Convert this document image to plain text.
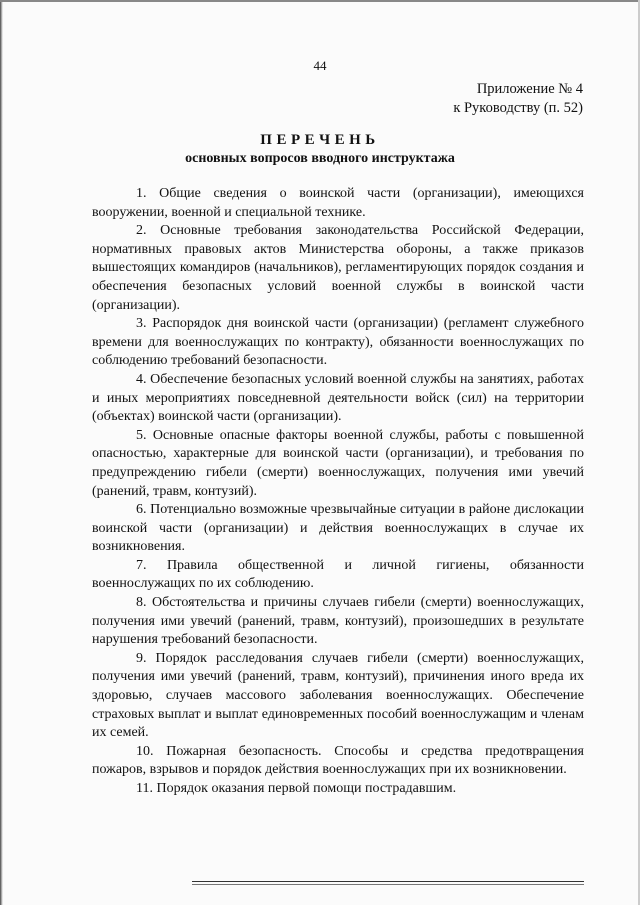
44
Приложение № 4
к Руководству (п. 52)
ПЕРЕЧЕНЬ
основных вопросов вводного инструктажа

1. Общие сведения о воинской части (организации), имеющихся вооружении, военной и специальной технике.

2. Основные требования законодательства Российской Федерации, нормативных правовых актов Министерства обороны, а также приказов вышестоящих командиров (начальников), регламентирующих порядок создания и обеспечения безопасных условий военной службы в воинской части (организации).

3. Распорядок дня воинской части (организации) (регламент служебного времени для военнослужащих по контракту), обязанности военнослужащих по соблюдению требований безопасности.

4. Обеспечение безопасных условий военной службы на занятиях, работах и иных мероприятиях повседневной деятельности войск (сил) на территории (объектах) воинской части (организации).

5. Основные опасные факторы военной службы, работы с повышенной опасностью, характерные для воинской части (организации), и требования по предупреждению гибели (смерти) военнослужащих, получения ими увечий (ранений, травм, контузий).

6. Потенциально возможные чрезвычайные ситуации в районе дислокации воинской части (организации) и действия военнослужащих в случае их возникновения.

7. Правила общественной и личной гигиены, обязанности военнослужащих по их соблюдению.

8. Обстоятельства и причины случаев гибели (смерти) военнослужащих, получения ими увечий (ранений, травм, контузий), произошедших в результате нарушения требований безопасности.

9. Порядок расследования случаев гибели (смерти) военнослужащих, получения ими увечий (ранений, травм, контузий), причинения иного вреда их здоровью, случаев массового заболевания военнослужащих. Обеспечение страховых выплат и выплат единовременных пособий военнослужащим и членам их семей.

10. Пожарная безопасность. Способы и средства предотвращения пожаров, взрывов и порядок действия военнослужащих при их возникновении.

11. Порядок оказания первой помощи пострадавшим.
